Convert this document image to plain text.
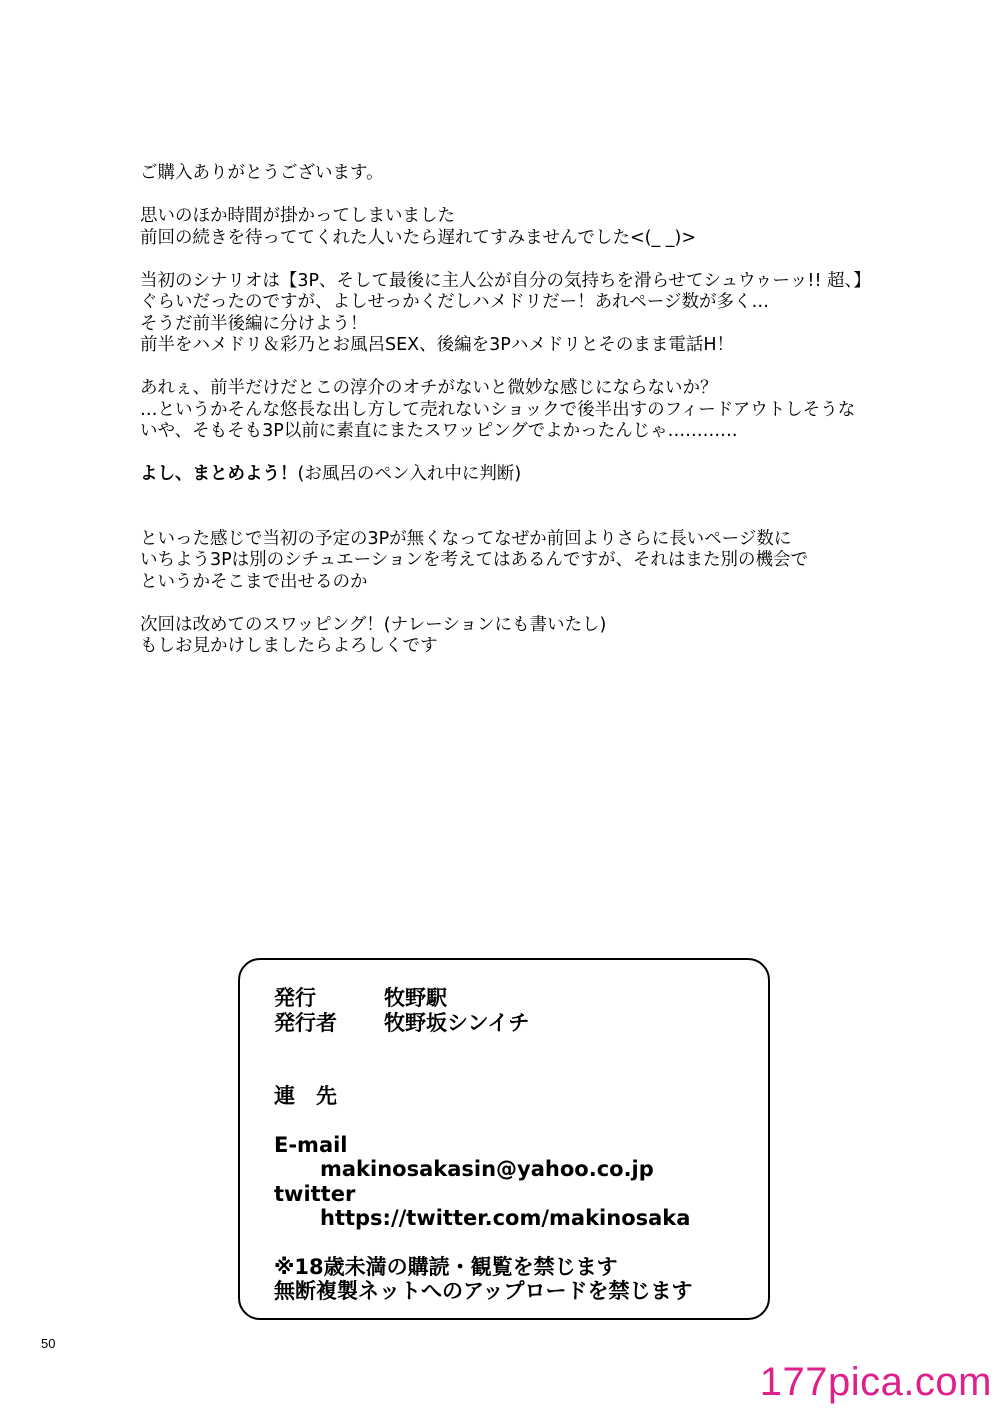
ご購入ありがとうございます。
思いのほか時間が掛かってしまいました
前回の続きを待っててくれた人いたら遅れてすみませんでした<(_ _)>
当初のシナリオは【3P、そして最後に主人公が自分の気持ちを滑らせてシュウゥーッ!! 超、】
ぐらいだったのですが、よしせっかくだしハメドリだー！あれページ数が多く…
そうだ前半後編に分けよう！
前半をハメドリ＆彩乃とお風呂SEX、後編を3Pハメドリとそのまま電話H！
あれぇ、前半だけだとこの淳介のオチがないと微妙な感じにならないか？
…というかそんな悠長な出し方して売れないショックで後半出すのフィードアウトしそうな
いや、そもそも3P以前に素直にまたスワッピングでよかったんじゃ…………
よし、まとめよう！(お風呂のペン入れ中に判断)
といった感じで当初の予定の3Pが無くなってなぜか前回よりさらに長いページ数に
いちよう3Pは別のシチュエーションを考えてはあるんですが、それはまた別の機会で
というかそこまで出せるのか
次回は改めてのスワッピング！(ナレーションにも書いたし)
もしお見かけしましたらよろしくです
発行	牧野駅
発行者	牧野坂シンイチ
連　先
E-mail
makinosakasin@yahoo.co.jp
twitter
https://twitter.com/makinosaka
※18歳未満の購読・観覧を禁じます
無断複製ネットへのアップロードを禁じます
50
177pica.com
